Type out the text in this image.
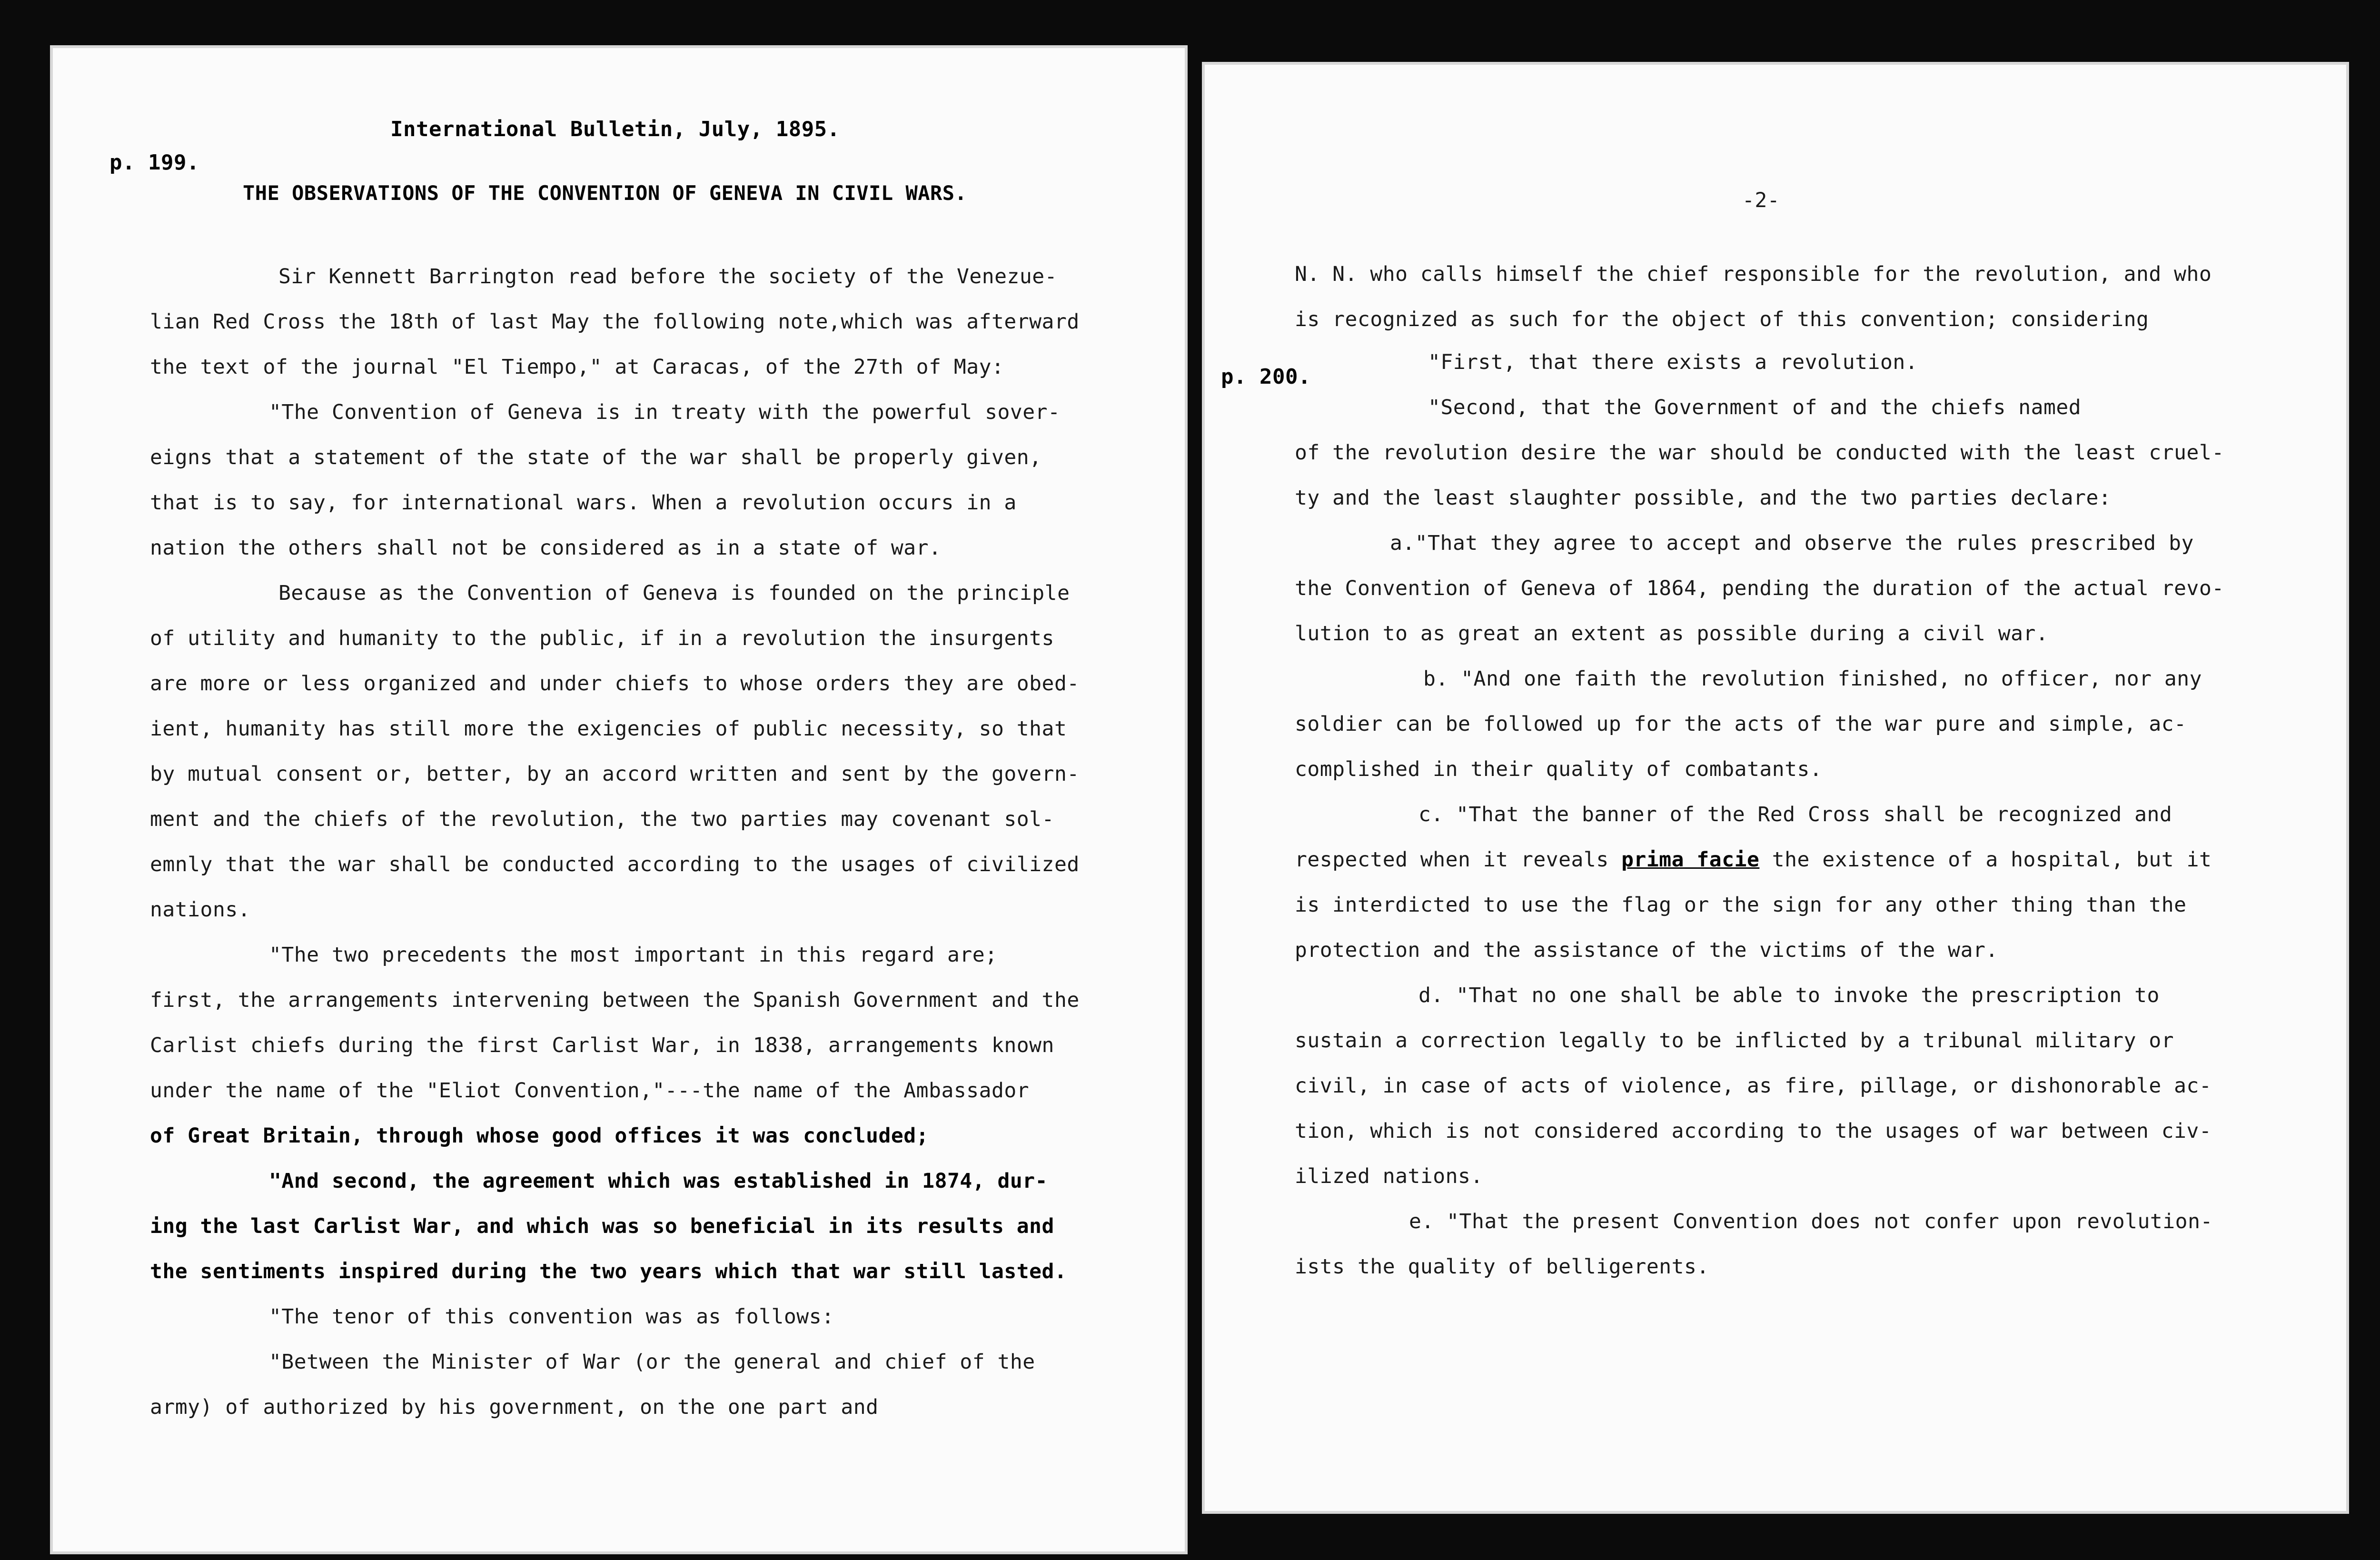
International Bulletin, July, 1895.
p. 199.
THE OBSERVATIONS OF THE CONVENTION OF GENEVA IN CIVIL WARS.
Sir Kennett Barrington read before the society of the Venezue-
lian Red Cross the 18th of last May the following note,which was afterward
the text of the journal "El Tiempo," at Caracas, of the 27th of May:
"The Convention of Geneva is in treaty with the powerful sover-
eigns that a statement of the state of the war shall be properly given,
that is to say, for international wars. When a revolution occurs in a
nation the others shall not be considered as in a state of war.
Because as the Convention of Geneva is founded on the principle
of utility and humanity to the public, if in a revolution the insurgents
are more or less organized and under chiefs to whose orders they are obed-
ient, humanity has still more the exigencies of public necessity, so that
by mutual consent or, better, by an accord written and sent by the govern-
ment and the chiefs of the revolution, the two parties may covenant sol-
emnly that the war shall be conducted according to the usages of civilized
nations.
"The two precedents the most important in this regard are;
first, the arrangements intervening between the Spanish Government and the
Carlist chiefs during the first Carlist War, in 1838, arrangements known
under the name of the "Eliot Convention,"---the name of the Ambassador
of Great Britain, through whose good offices it was concluded;
"And second, the agreement which was established in 1874, dur-
ing the last Carlist War, and which was so beneficial in its results and
the sentiments inspired during the two years which that war still lasted.
"The tenor of this convention was as follows:
"Between the Minister of War (or the general and chief of the
army) of authorized by his government, on the one part and
-2-
N. N. who calls himself the chief responsible for the revolution, and who
is recognized as such for the object of this convention; considering
p. 200.
"First, that there exists a revolution.
"Second, that the Government of and the chiefs named
of the revolution desire the war should be conducted with the least cruel-
ty and the least slaughter possible, and the two parties declare:
a."That they agree to accept and observe the rules prescribed by
the Convention of Geneva of 1864, pending the duration of the actual revo-
lution to as great an extent as possible during a civil war.
b. "And one faith the revolution finished, no officer, nor any
soldier can be followed up for the acts of the war pure and simple, ac-
complished in their quality of combatants.
c. "That the banner of the Red Cross shall be recognized and
respected when it reveals prima facie the existence of a hospital, but it
is interdicted to use the flag or the sign for any other thing than the
protection and the assistance of the victims of the war.
d. "That no one shall be able to invoke the prescription to
sustain a correction legally to be inflicted by a tribunal military or
civil, in case of acts of violence, as fire, pillage, or dishonorable ac-
tion, which is not considered according to the usages of war between civ-
ilized nations.
e. "That the present Convention does not confer upon revolution-
ists the quality of belligerents.
